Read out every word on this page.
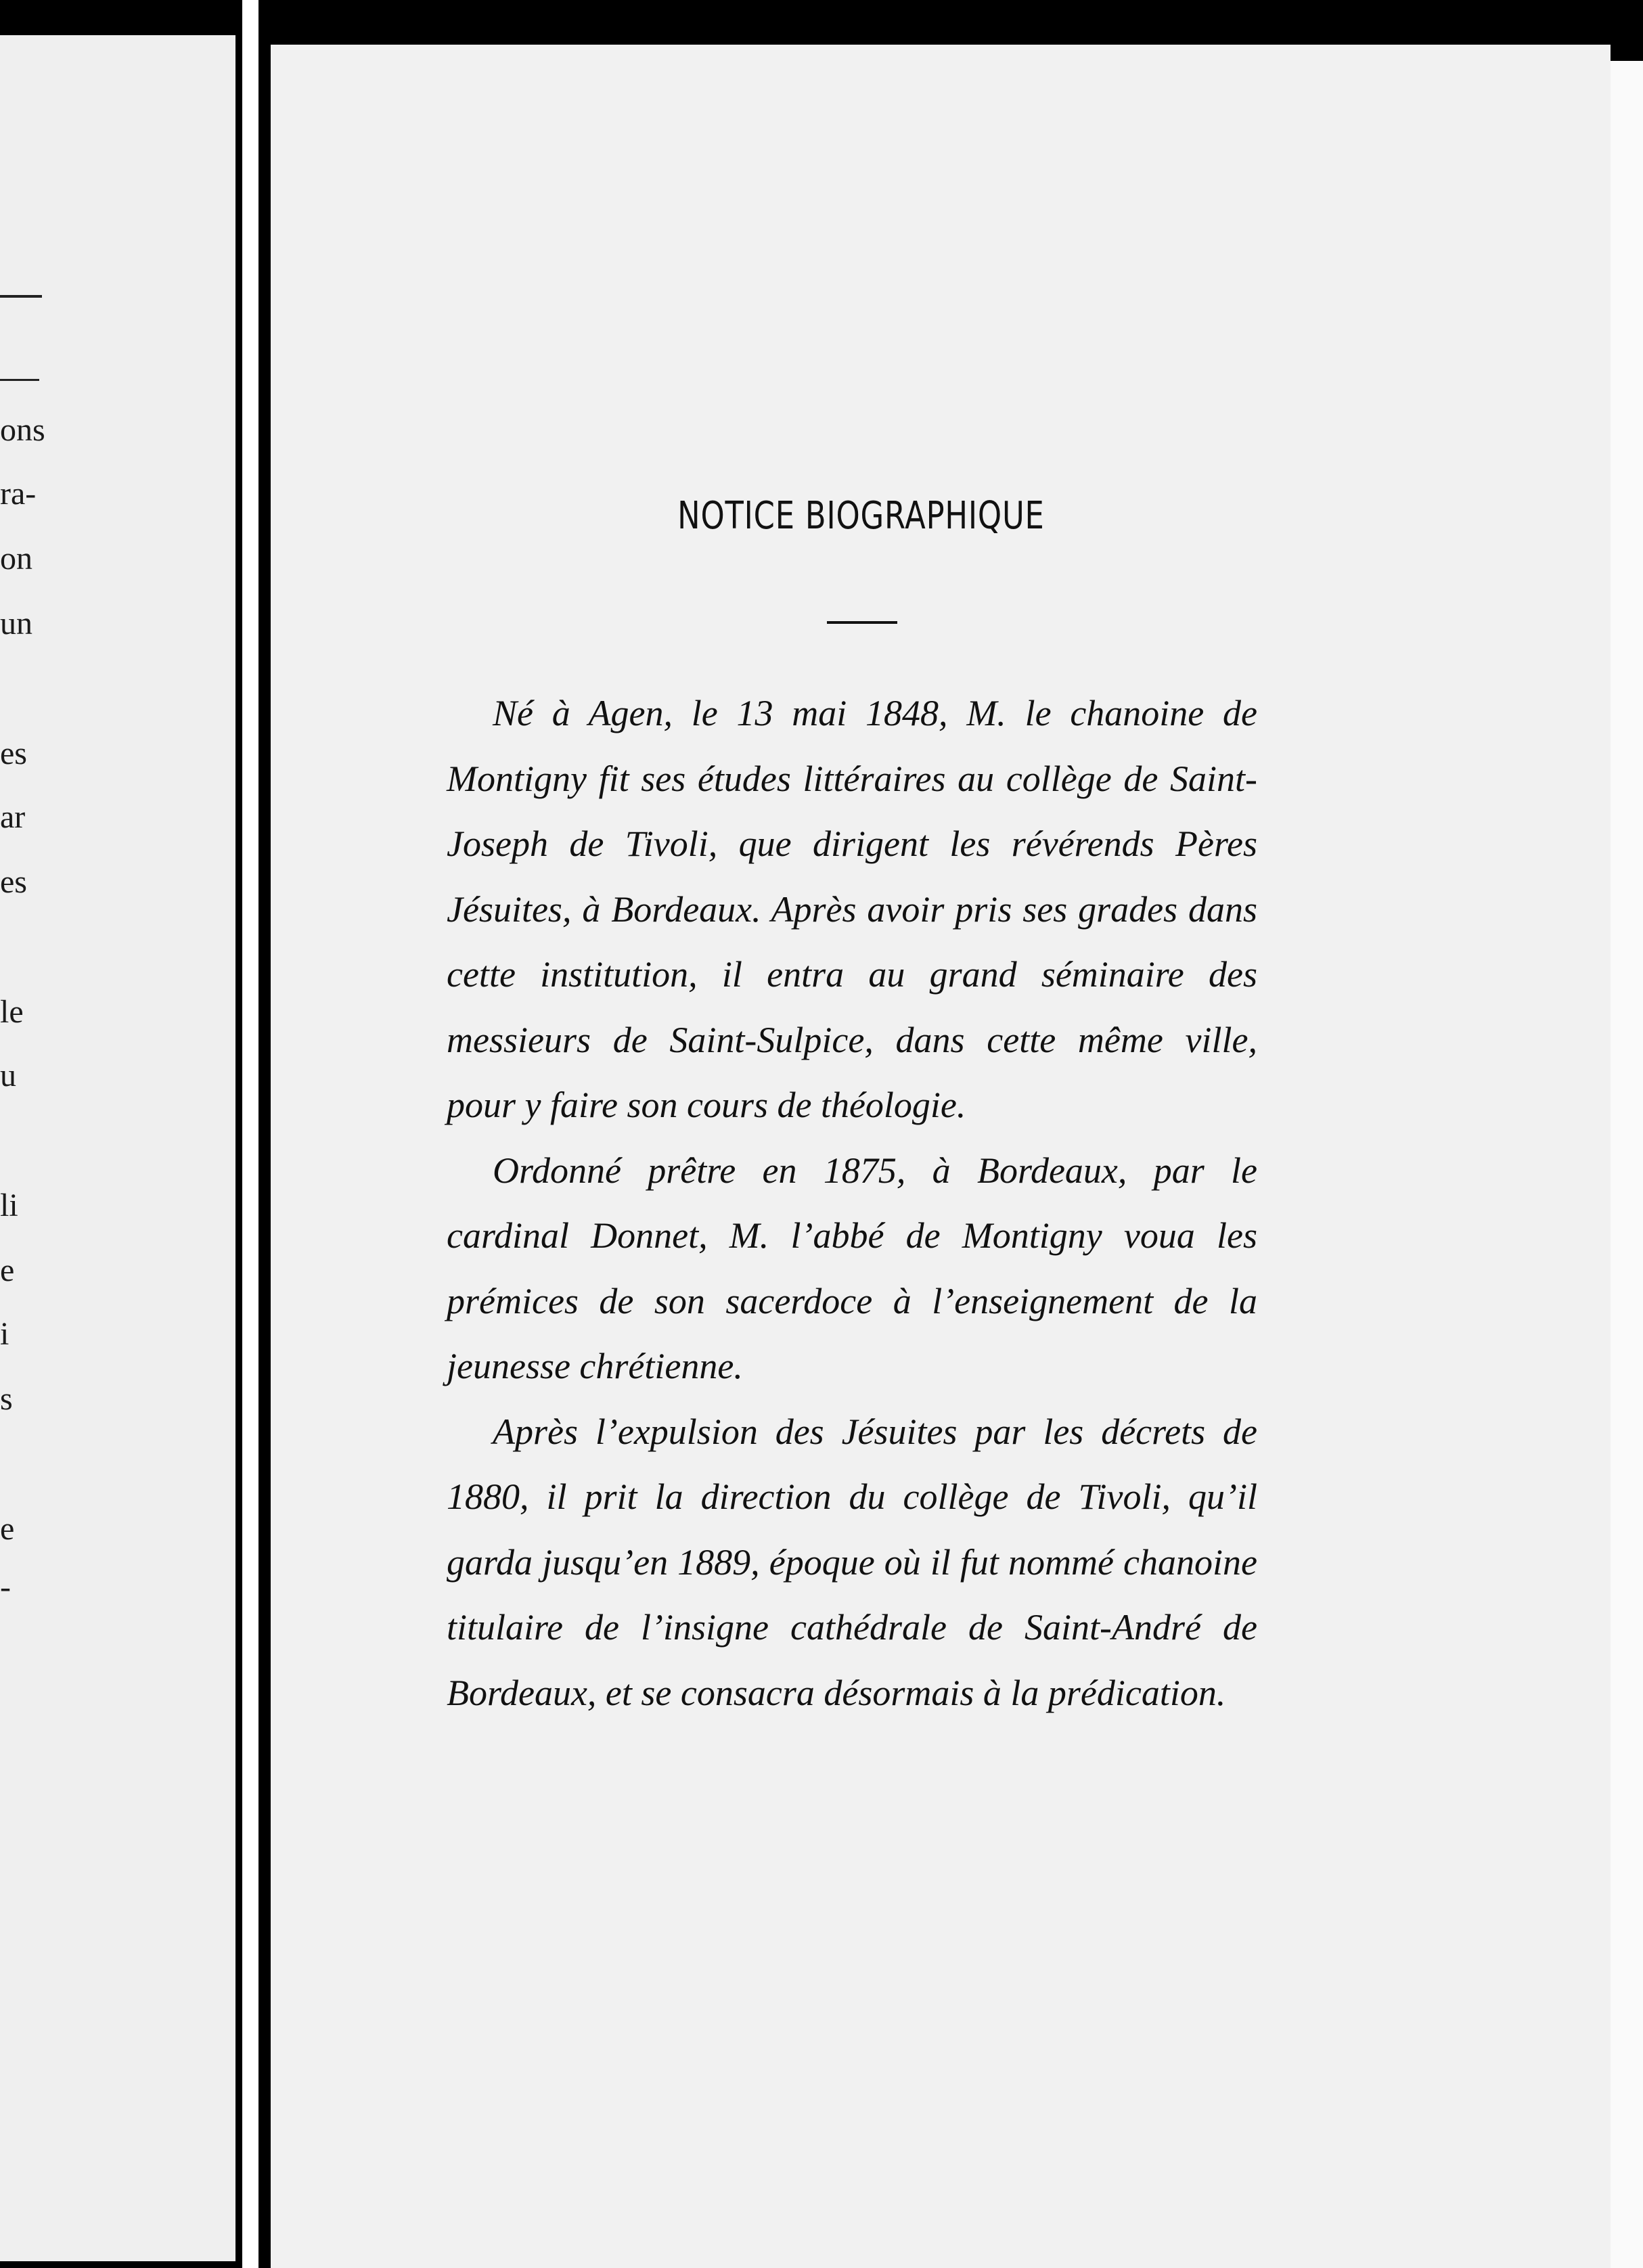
ons
ra-
on
un
es
ar
es
le
u
li
e
i
s
e
-
NOTICE BIOGRAPHIQUE

Né à Agen, le 13 mai 1848, M. le chanoine de Montigny fit ses études littéraires au collège de Saint-Joseph de Tivoli, que dirigent les révérends Pères Jésuites, à Bordeaux. Après avoir pris ses grades dans cette institution, il entra au grand séminaire des messieurs de Saint-Sulpice, dans cette même ville, pour y faire son cours de théologie.

Ordonné prêtre en 1875, à Bordeaux, par le cardinal Donnet, M. l’abbé de Montigny voua les prémices de son sacerdoce à l’enseignement de la jeunesse chrétienne.

Après l’expulsion des Jésuites par les décrets de 1880, il prit la direction du collège de Tivoli, qu’il garda jusqu’en 1889, époque où il fut nommé chanoine titulaire de l’insigne cathédrale de Saint-André de Bordeaux, et se consacra désormais à la prédication.
